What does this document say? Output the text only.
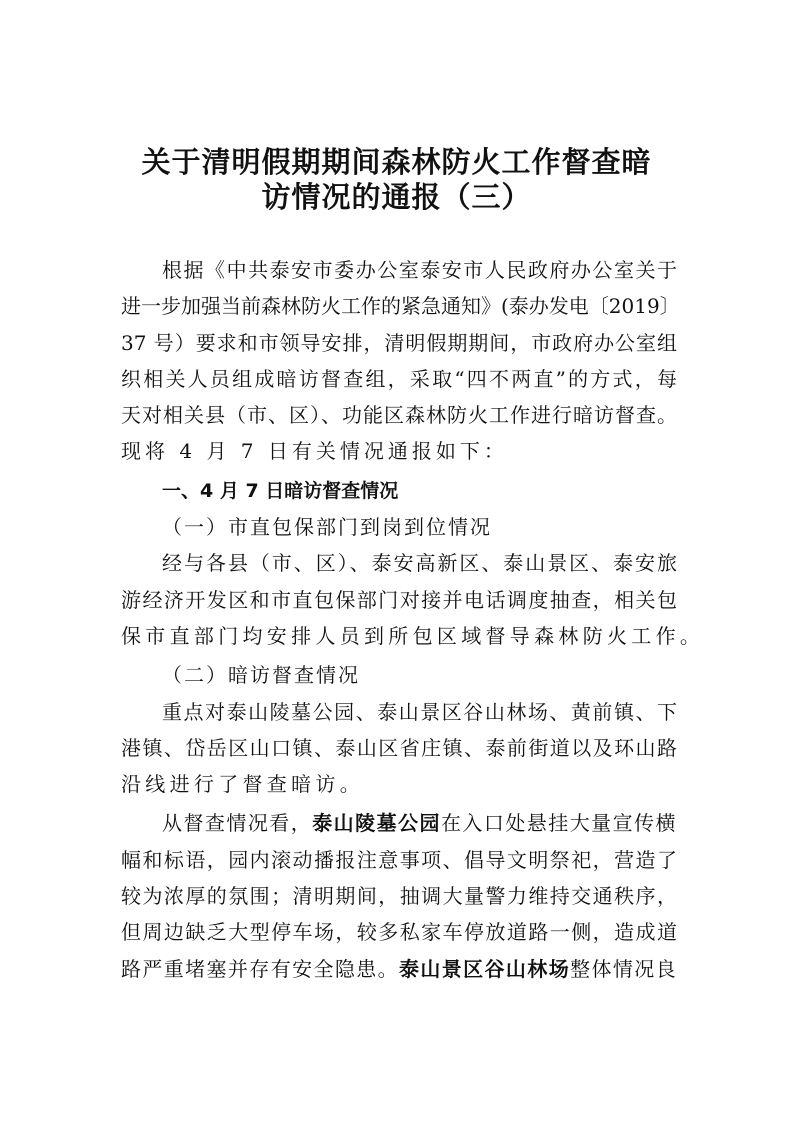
关于清明假期期间森林防火工作督查暗
访情况的通报（三）
根据《中共泰安市委办公室泰安市人民政府办公室关于
进一步加强当前森林防火工作的紧急通知》(泰办发电〔2019〕
37 号）要求和市领导安排，清明假期期间，市政府办公室组
织相关人员组成暗访督查组，采取“四不两直”的方式，每
天对相关县（市、区）、功能区森林防火工作进行暗访督查。
现将 4 月 7 日有关情况通报如下：
一、4 月 7 日暗访督查情况
（一）市直包保部门到岗到位情况
经与各县（市、区）、泰安高新区、泰山景区、泰安旅
游经济开发区和市直包保部门对接并电话调度抽查，相关包
保市直部门均安排人员到所包区域督导森林防火工作。
（二）暗访督查情况
重点对泰山陵墓公园、泰山景区谷山林场、黄前镇、下
港镇、岱岳区山口镇、泰山区省庄镇、泰前街道以及环山路
沿线进行了督查暗访。
从督查情况看，泰山陵墓公园在入口处悬挂大量宣传横
幅和标语，园内滚动播报注意事项、倡导文明祭祀，营造了
较为浓厚的氛围；清明期间，抽调大量警力维持交通秩序，
但周边缺乏大型停车场，较多私家车停放道路一侧，造成道
路严重堵塞并存有安全隐患。泰山景区谷山林场整体情况良
